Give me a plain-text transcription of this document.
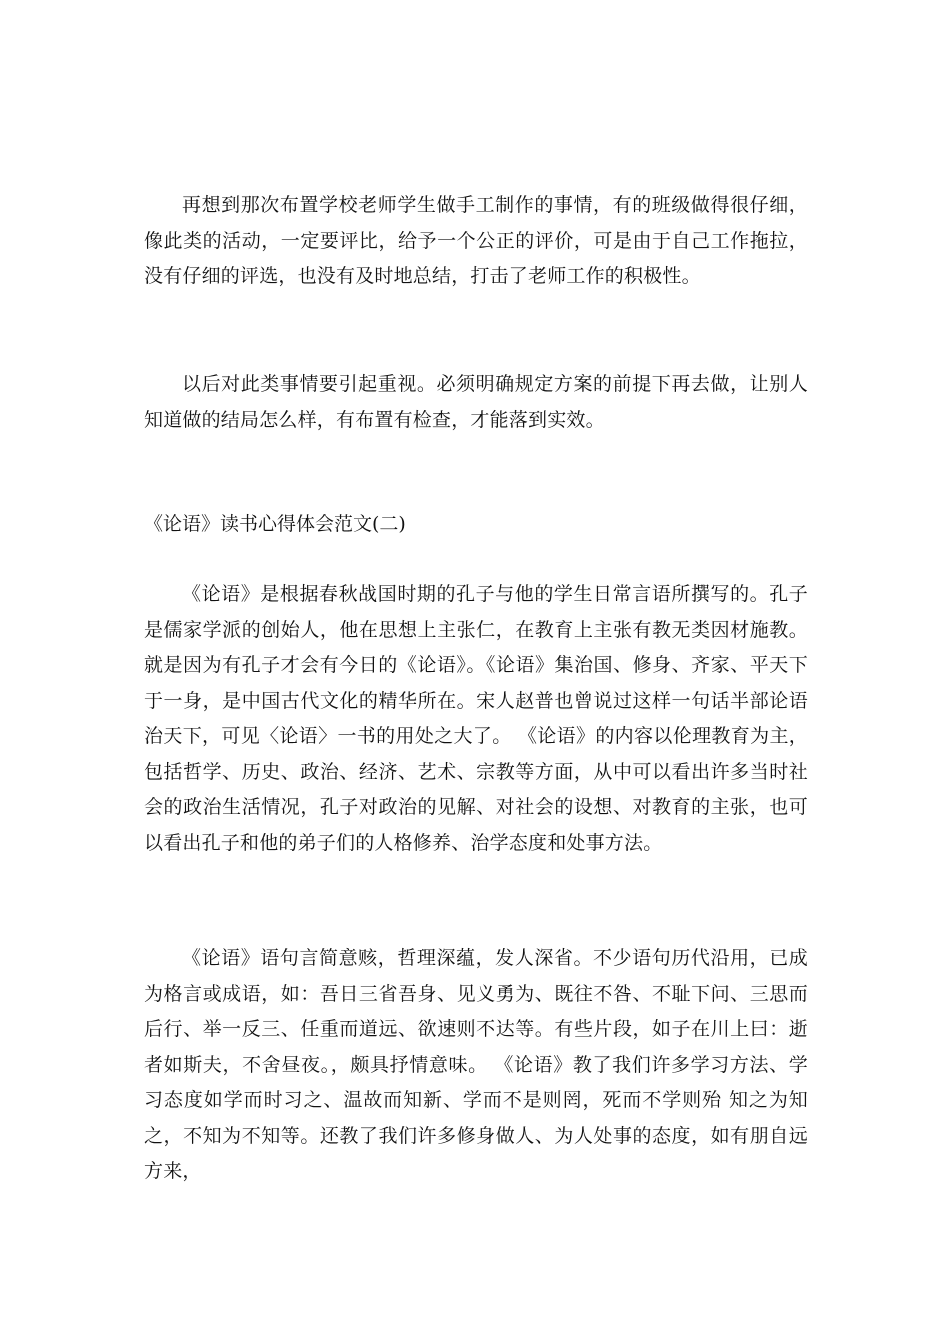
再想到那次布置学校老师学生做手工制作的事情，有的班级做得很仔细，像此类的活动，一定要评比，给予一个公正的评价，可是由于自己工作拖拉，没有仔细的评选，也没有及时地总结，打击了老师工作的积极性。

以后对此类事情要引起重视。必须明确规定方案的前提下再去做，让别人知道做的结局怎么样，有布置有检查，才能落到实效。

《论语》读书心得体会范文(二)

《论语》是根据春秋战国时期的孔子与他的学生日常言语所撰写的。孔子是儒家学派的创始人，他在思想上主张仁，在教育上主张有教无类因材施教。就是因为有孔子才会有今日的《论语》。《论语》集治国、修身、齐家、平天下于一身，是中国古代文化的精华所在。宋人赵普也曾说过这样一句话半部论语治天下，可见〈论语〉一书的用处之大了。 《论语》的内容以伦理教育为主，包括哲学、历史、政治、经济、艺术、宗教等方面，从中可以看出许多当时社会的政治生活情况，孔子对政治的见解、对社会的设想、对教育的主张，也可以看出孔子和他的弟子们的人格修养、治学态度和处事方法。

《论语》语句言简意赅，哲理深蕴，发人深省。不少语句历代沿用，已成为格言或成语，如：吾日三省吾身、见义勇为、既往不咎、不耻下问、三思而后行、举一反三、任重而道远、欲速则不达等。有些片段，如子在川上曰：逝者如斯夫，不舍昼夜。，颇具抒情意味。 《论语》教了我们许多学习方法、学习态度如学而时习之、温故而知新、学而不是则罔，死而不学则殆 知之为知之，不知为不知等。还教了我们许多修身做人、为人处事的态度，如有朋自远方来，
